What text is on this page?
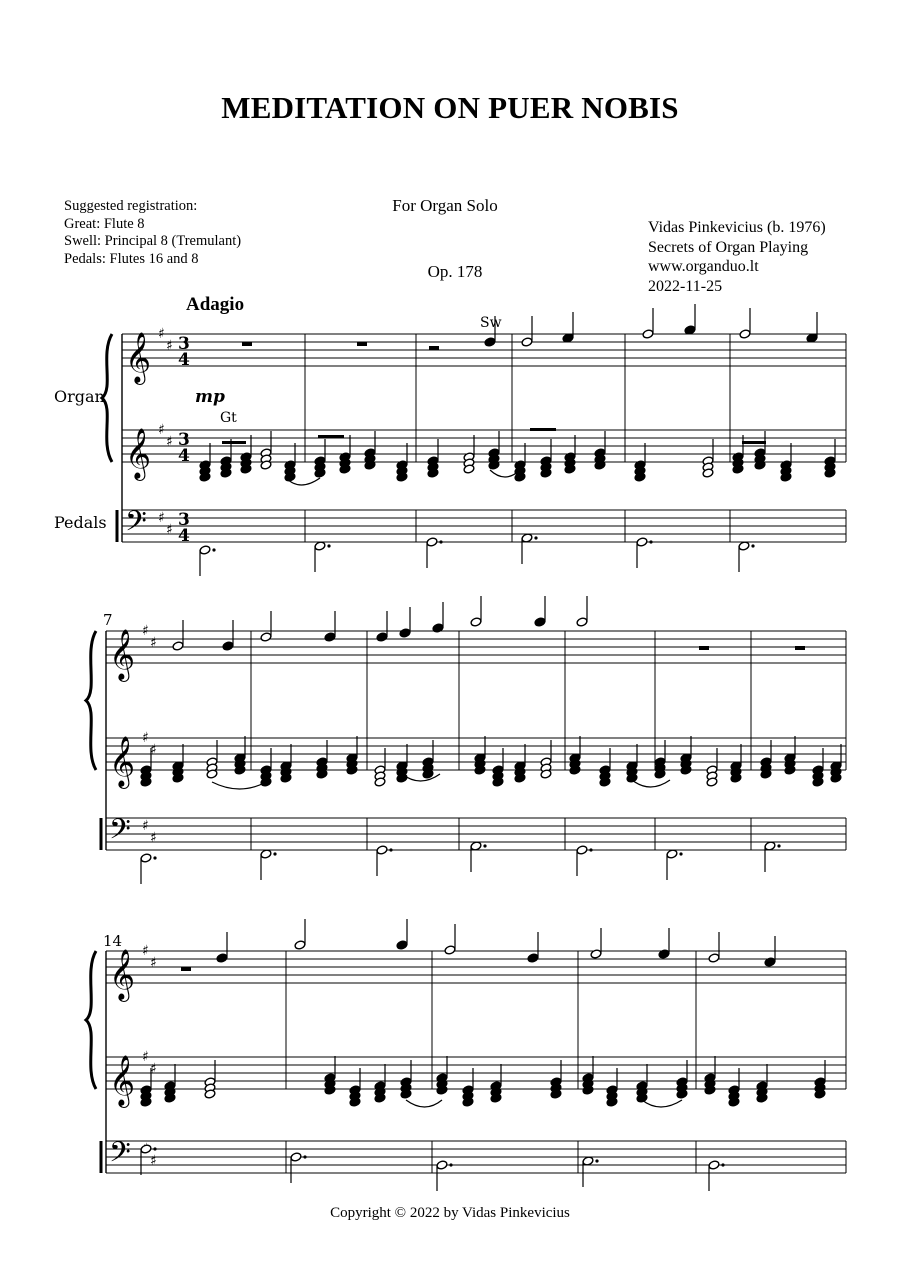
MEDITATION ON PUER NOBIS
For Organ Solo
Op. 178
Suggested registration:
Great: Flute 8
Swell: Principal 8 (Tremulant)
Pedals: Flutes 16 and 8
Vidas Pinkevicius (b. 1976)
Secrets of Organ Playing
www.organduo.lt
2022-11-25
Adagio
𝄞
𝄞
𝄢
♯
♯
♯
♯
♯
♯
3
4
3
4
3
4
𝄞
𝄞
𝄢
♯
♯
♯
♯
♯
♯
𝄞
𝄞
𝄢
♯
♯
♯
♯
♯
Organ
Pedals
7
14
mp
Gt
Sw
Copyright © 2022 by Vidas Pinkevicius
